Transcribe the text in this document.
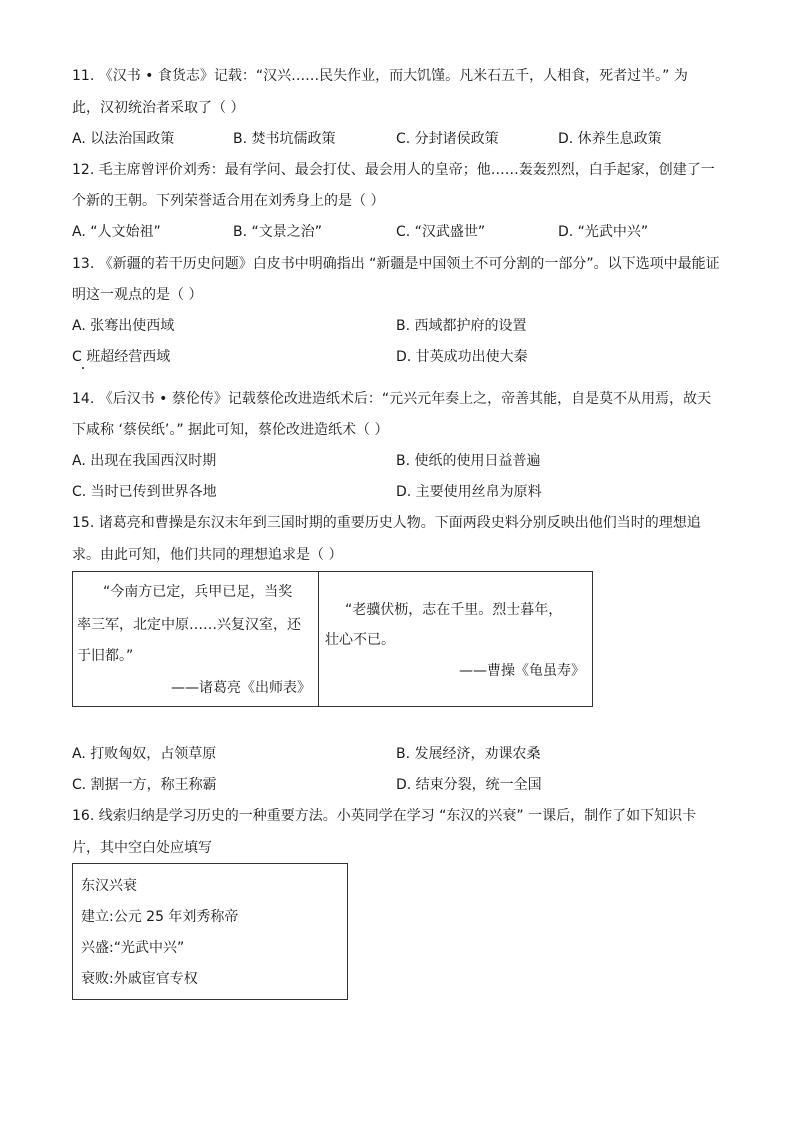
11. 《汉书 • 食货志》记载：“汉兴……民失作业，而大饥馑。凡米石五千，人相食，死者过半。” 为
此，汉初统治者采取了（ ）
A. 以法治国政策	B. 焚书坑儒政策	C. 分封诸侯政策	D. 休养生息政策
12. 毛主席曾评价刘秀：最有学问、最会打仗、最会用人的皇帝；他……轰轰烈烈，白手起家，创建了一
个新的王朝。下列荣誉适合用在刘秀身上的是（ ）
A. “人文始祖”	B. “文景之治”	C. “汉武盛世”	D. “光武中兴”
13. 《新疆的若干历史问题》白皮书中明确指出 “新疆是中国领土不可分割的一部分”。以下选项中最能证
明这一观点的是（ ）
A. 张骞出使西域	B. 西域都护府的设置
C 班超经营西域	D. 甘英成功出使大秦
14. 《后汉书 • 蔡伦传》记载蔡伦改进造纸术后：“元兴元年奏上之，帝善其能，自是莫不从用焉，故天
下咸称 ‘蔡侯纸’。” 据此可知，蔡伦改进造纸术（ ）
A. 出现在我国西汉时期	B. 使纸的使用日益普遍
C. 当时已传到世界各地	D. 主要使用丝帛为原料
15. 诸葛亮和曹操是东汉末年到三国时期的重要历史人物。下面两段史料分别反映出他们当时的理想追
求。由此可知，他们共同的理想追求是（ ）
“今南方已定，兵甲已足，当奖
率三军，北定中原……兴复汉室，还
于旧都。”
——诸葛亮《出师表》
“老骥伏枥，志在千里。烈士暮年，
壮心不已。
——曹操《龟虽寿》
A. 打败匈奴，占领草原	B. 发展经济，劝课农桑
C. 割据一方，称王称霸	D. 结束分裂，统一全国
16. 线索归纳是学习历史的一种重要方法。小英同学在学习 “东汉的兴衰” 一课后，制作了如下知识卡
片，其中空白处应填写
东汉兴衰
建立:公元 25 年刘秀称帝
兴盛:“光武中兴”
衰败:外戚宦官专权
